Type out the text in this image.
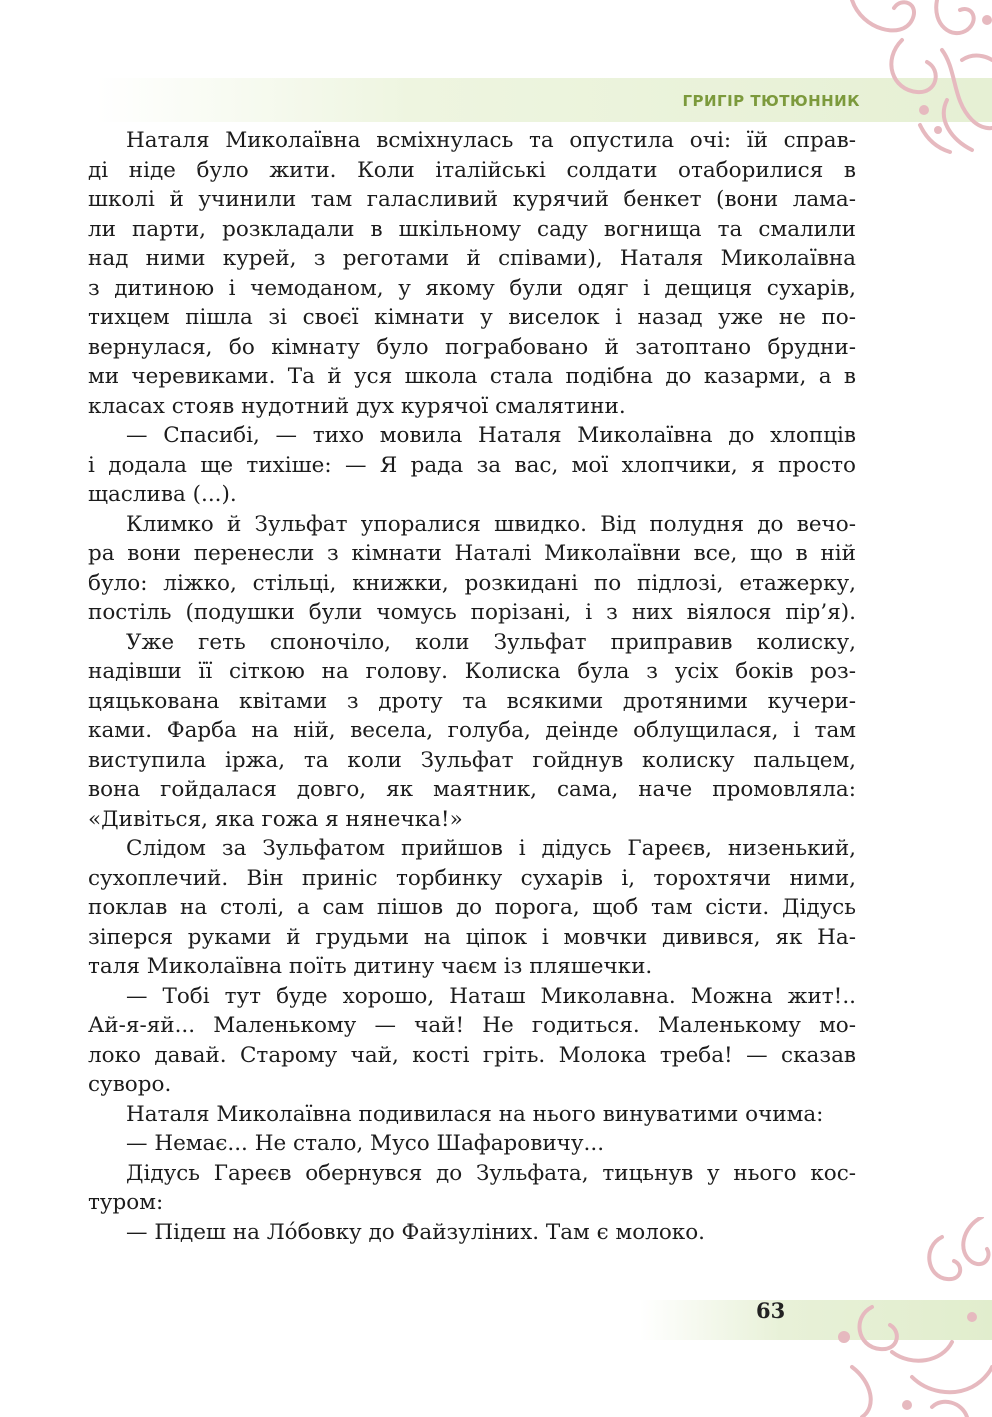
ГРИГІР ТЮТЮННИК
Наталя Миколаївна всміхнулась та опустила очі: їй справ-
ді ніде було жити. Коли італійські солдати отаборилися в
школі й учинили там галасливий курячий бенкет (вони лама-
ли парти, розкладали в шкільному саду вогнища та смалили
над ними курей, з реготами й співами), Наталя Миколаївна
з дитиною і чемоданом, у якому були одяг і дещиця сухарів,
тихцем пішла зі своєї кімнати у виселок і назад уже не по-
вернулася, бо кімнату було пограбовано й затоптано брудни-
ми черевиками. Та й уся школа стала подібна до казарми, а в
класах стояв нудотний дух курячої смалятини.
— Спасибі, — тихо мовила Наталя Миколаївна до хлопців
і додала ще тихіше: — Я рада за вас, мої хлопчики, я просто
щаслива (...).
Климко й Зульфат упоралися швидко. Від полудня до вечо-
ра вони перенесли з кімнати Наталі Миколаївни все, що в ній
було: ліжко, стільці, книжки, розкидані по підлозі, етажерку,
постіль (подушки були чомусь порізані, і з них віялося пір’я).
Уже геть споночіло, коли Зульфат приправив колиску,
надівши її сіткою на голову. Колиска була з усіх боків роз-
цяцькована квітами з дроту та всякими дротяними кучери-
ками. Фарба на ній, весела, голуба, деінде облущилася, і там
виступила іржа, та коли Зульфат гойднув колиску пальцем,
вона гойдалася довго, як маятник, сама, наче промовляла:
«Дивіться, яка гожа я нянечка!»
Слідом за Зульфатом прийшов і дідусь Гареєв, низенький,
сухоплечий. Він приніс торбинку сухарів і, торохтячи ними,
поклав на столі, а сам пішов до порога, щоб там сісти. Дідусь
зіперся руками й грудьми на ціпок і мовчки дивився, як На-
таля Миколаївна поїть дитину чаєм із пляшечки.
— Тобі тут буде хорошо, Наташ Миколавна. Можна жит!..
Ай-я-яй... Маленькому — чай! Не годиться. Маленькому мо-
локо давай. Старому чай, кості гріть. Молока треба! — сказав
суворо.
Наталя Миколаївна подивилася на нього винуватими очима:
— Немає... Не стало, Мусо Шафаровичу...
Дідусь Гареєв обернувся до Зульфата, тицьнув у нього кос-
туром:
— Підеш на Ло́бовку до Файзуліних. Там є молоко.
63
